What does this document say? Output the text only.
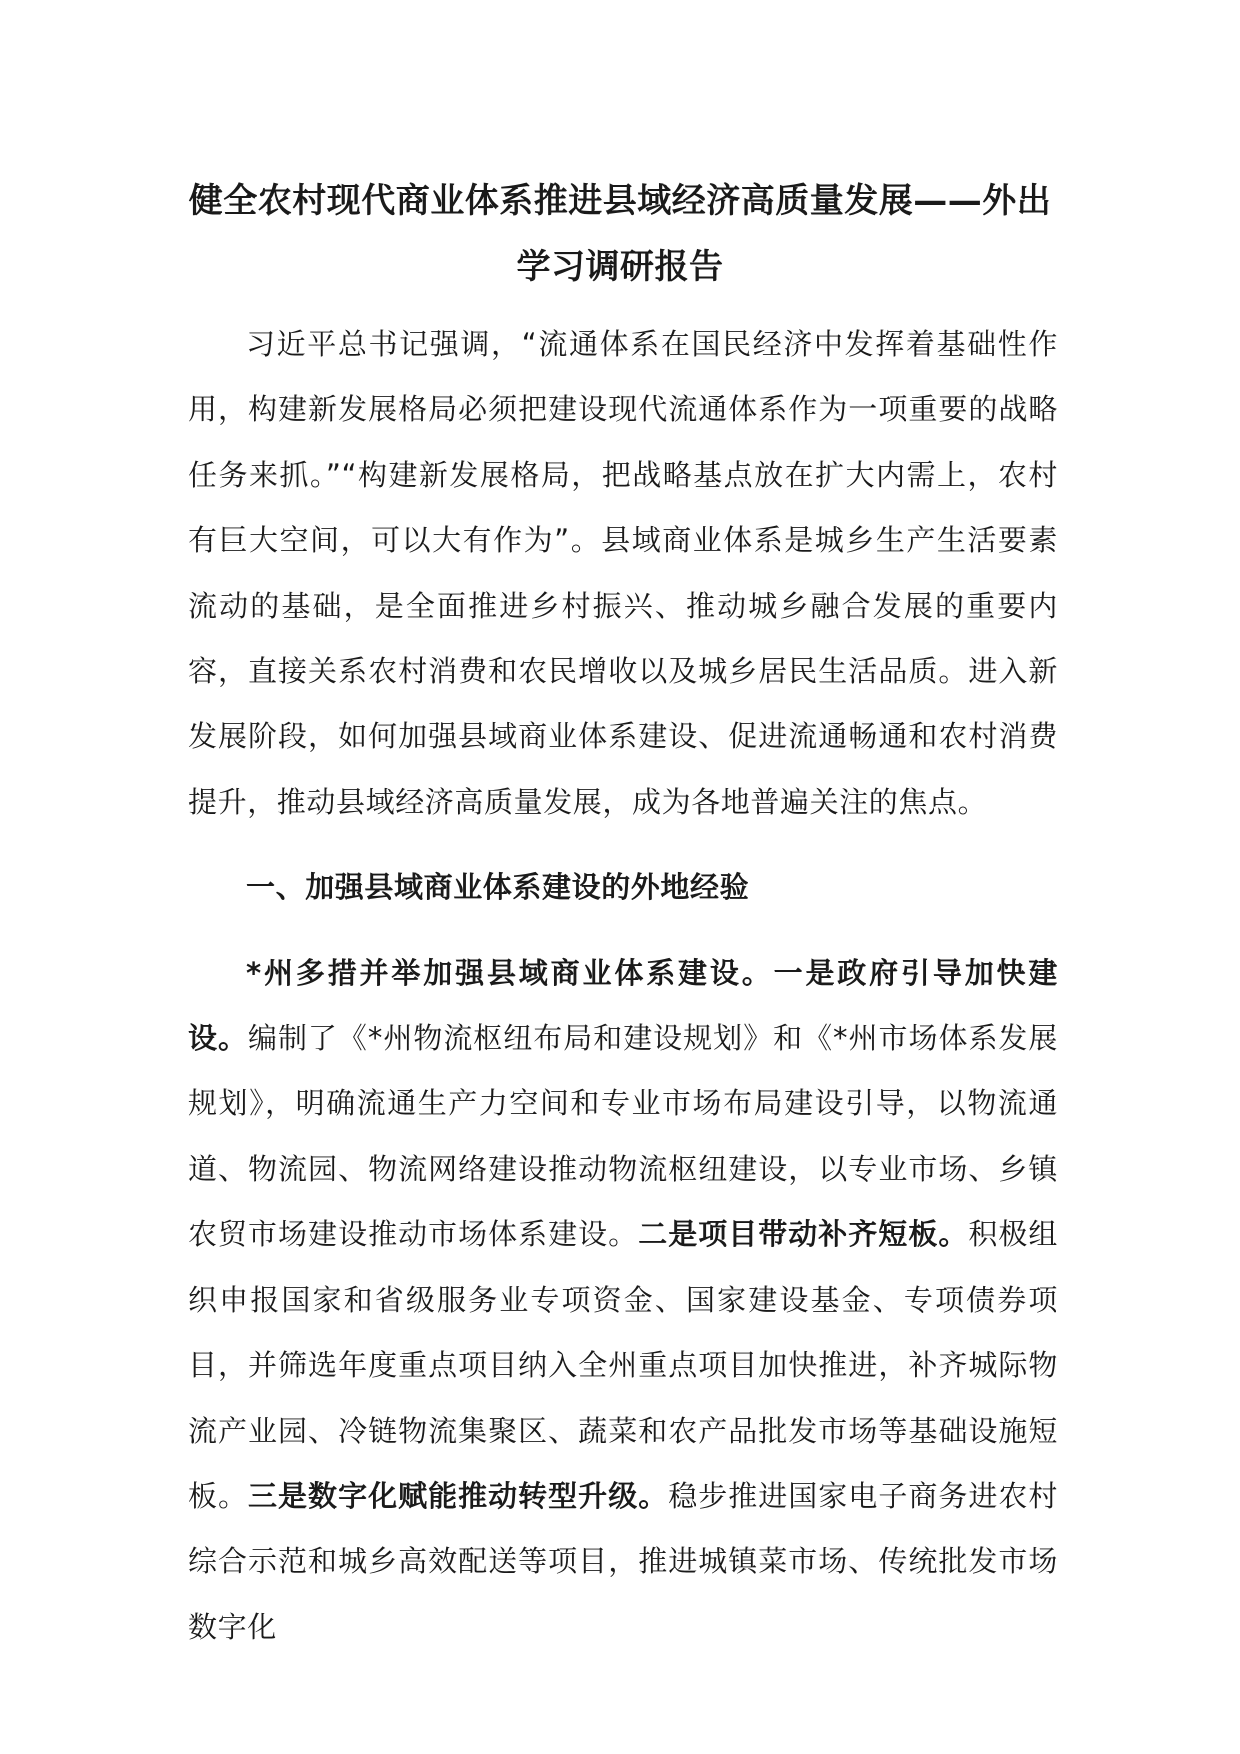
健全农村现代商业体系推进县域经济高质量发展——外出学习调研报告

习近平总书记强调，“流通体系在国民经济中发挥着基础性作用，构建新发展格局必须把建设现代流通体系作为一项重要的战略任务来抓。”“构建新发展格局，把战略基点放在扩大内需上，农村有巨大空间，可以大有作为”。县域商业体系是城乡生产生活要素流动的基础，是全面推进乡村振兴、推动城乡融合发展的重要内容，直接关系农村消费和农民增收以及城乡居民生活品质。进入新发展阶段，如何加强县域商业体系建设、促进流通畅通和农村消费提升，推动县域经济高质量发展，成为各地普遍关注的焦点。

一、加强县域商业体系建设的外地经验

*州多措并举加强县域商业体系建设。一是政府引导加快建设。编制了《*州物流枢纽布局和建设规划》和《*州市场体系发展规划》，明确流通生产力空间和专业市场布局建设引导，以物流通道、物流园、物流网络建设推动物流枢纽建设，以专业市场、乡镇农贸市场建设推动市场体系建设。二是项目带动补齐短板。积极组织申报国家和省级服务业专项资金、国家建设基金、专项债券项目，并筛选年度重点项目纳入全州重点项目加快推进，补齐城际物流产业园、冷链物流集聚区、蔬菜和农产品批发市场等基础设施短板。三是数字化赋能推动转型升级。稳步推进国家电子商务进农村综合示范和城乡高效配送等项目，推进城镇菜市场、传统批发市场数字化
